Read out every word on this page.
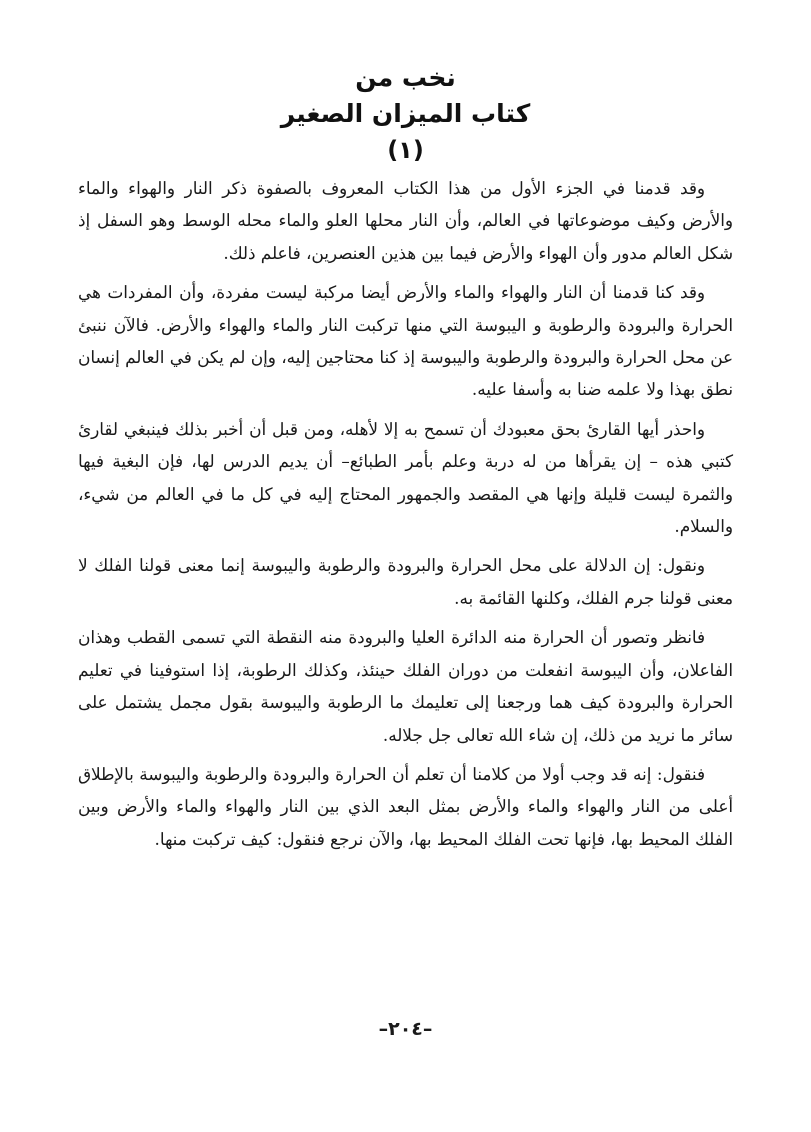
نخب من
كتاب الميزان الصغير
(١)

وقد قدمنا في الجزء الأول من هذا الكتاب المعروف بالصفوة ذكر النار والهواء والماء والأرض وكيف موضوعاتها في العالم، وأن النار محلها العلو والماء محله الوسط وهو السفل إذ شكل العالم مدور وأن الهواء والأرض فيما بين هذين العنصرين، فاعلم ذلك.

وقد كنا قدمنا أن النار والهواء والماء والأرض أيضا مركبة ليست مفردة، وأن المفردات هي الحرارة والبرودة والرطوبة و اليبوسة التي منها تركبت النار والماء والهواء والأرض. فالآن ننبئ عن محل الحرارة والبرودة والرطوبة واليبوسة إذ كنا محتاجين إليه، وإن لم يكن في العالم إنسان نطق بهذا ولا علمه ضنا به وأسفا عليه.

واحذر أيها القارئ بحق معبودك أن تسمح به إلا لأهله، ومن قبل أن أخبر بذلك فينبغي لقارئ كتبي هذه – إن يقرأها من له دربة وعلم بأمر الطبائع– أن يديم الدرس لها، فإن البغية فيها والثمرة ليست قليلة وإنها هي المقصد والجمهور المحتاج إليه في كل ما في العالم من شيء، والسلام.

ونقول: إن الدلالة على محل الحرارة والبرودة والرطوبة واليبوسة إنما معنى قولنا الفلك لا معنى قولنا جرم الفلك، وكلنها القائمة به.

فانظر وتصور أن الحرارة منه الدائرة العليا والبرودة منه النقطة التي تسمى القطب وهذان الفاعلان، وأن اليبوسة انفعلت من دوران الفلك حينئذ، وكذلك الرطوبة، إذا استوفينا في تعليم الحرارة والبرودة كيف هما ورجعنا إلى تعليمك ما الرطوبة واليبوسة بقول مجمل يشتمل على سائر ما نريد من ذلك، إن شاء الله تعالى جل جلاله.

فنقول: إنه قد وجب أولا من كلامنا أن تعلم أن الحرارة والبرودة والرطوبة واليبوسة بالإطلاق أعلى من النار والهواء والماء والأرض بمثل البعد الذي بين النار والهواء والماء والأرض وبين الفلك المحيط بها، فإنها تحت الفلك المحيط بها، والآن نرجع فنقول: كيف تركبت منها.

–٢٠٤–
